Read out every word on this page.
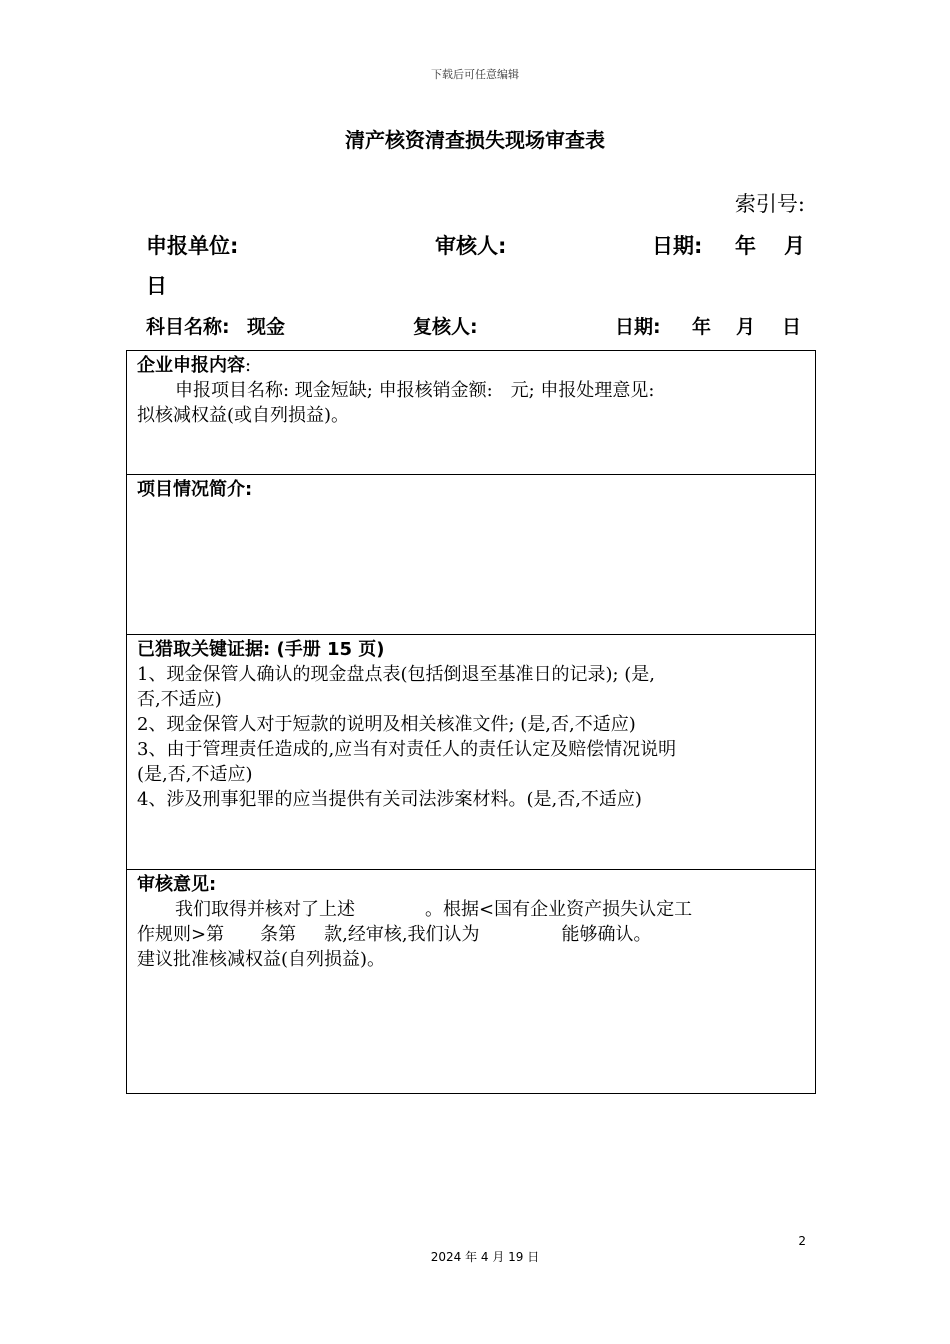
下载后可任意编辑
清产核资清查损失现场审查表
索引号:
申报单位:	审核人:	日期: 年 月
日
科目名称: 现金	复核人:	日期: 年 月 日
企业申报内容:
申报项目名称: 现金短缺; 申报核销金额: 元; 申报处理意见:
拟核减权益(或自列损益)。

项目情况简介:

已猎取关键证据: (手册 15 页)
1、现金保管人确认的现金盘点表(包括倒退至基准日的记录); (是,
否,不适应)
2、现金保管人对于短款的说明及相关核准文件; (是,否,不适应)
3、由于管理责任造成的,应当有对责任人的责任认定及赔偿情况说明
(是,否,不适应)
4、涉及刑事犯罪的应当提供有关司法涉案材料。(是,否,不适应)

审核意见:
我们取得并核对了上述	。根据<国有企业资产损失认定工
作规则>第 条第 款,经审核,我们认为	能够确认。
建议批准核减权益(自列损益)。
2
2024 年 4 月 19 日
